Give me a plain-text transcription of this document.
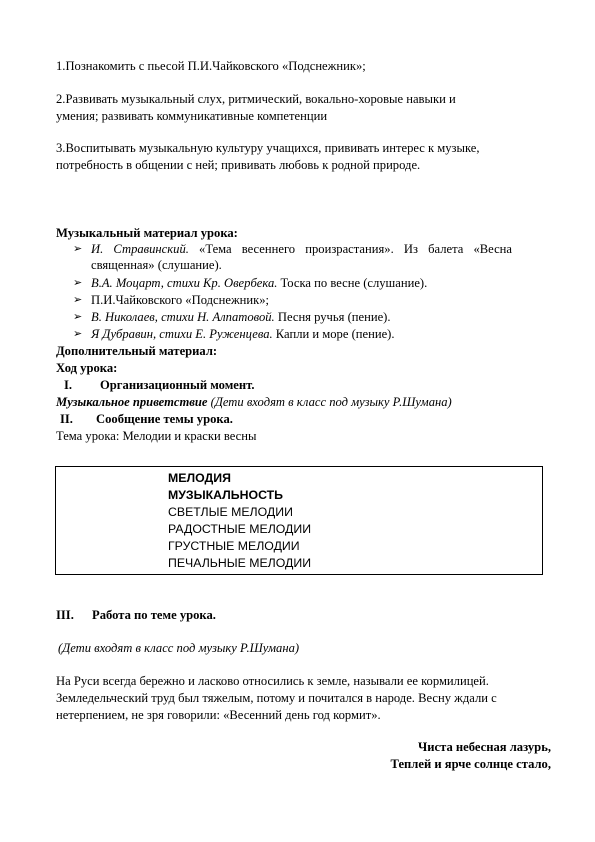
1.Познакомить с пьесой П.И.Чайковского «Подснежник»;
2.Развивать музыкальный слух, ритмический, вокально-хоровые навыки и
умения; развивать коммуникативные компетенции
3.Воспитывать музыкальную культуру учащихся, прививать интерес к музыке,
потребность в общении с ней; прививать любовь к родной природе.
Музыкальный материал урока:
➢ И. Стравинский. «Тема весеннего произрастания». Из балета «Весна
священная» (слушание).
➢ В.А. Моцарт, стихи Кр. Овербека. Тоска по весне (слушание).
➢ П.И.Чайковского «Подснежник»;
➢ В. Николаев, стихи Н. Алпатовой. Песня ручья (пение).
➢ Я Дубравин, стихи Е. Руженцева. Капли и море (пение).
Дополнительный материал:
Ход урока:
I. Организационный момент.
Музыкальное приветствие (Дети входят в класс под музыку Р.Шумана)
II. Сообщение темы урока.
Тема урока: Мелодии и краски весны
МЕЛОДИЯ
МУЗЫКАЛЬНОСТЬ
СВЕТЛЫЕ МЕЛОДИИ
РАДОСТНЫЕ МЕЛОДИИ
ГРУСТНЫЕ МЕЛОДИИ
ПЕЧАЛЬНЫЕ МЕЛОДИИ
III. Работа по теме урока.
(Дети входят в класс под музыку Р.Шумана)
На Руси всегда бережно и ласково относились к земле, называли ее кормилицей.
Земледельческий труд был тяжелым, потому и почитался в народе. Весну ждали с
нетерпением, не зря говорили: «Весенний день год кормит».
Чиста небесная лазурь,
Теплей и ярче солнце стало,
